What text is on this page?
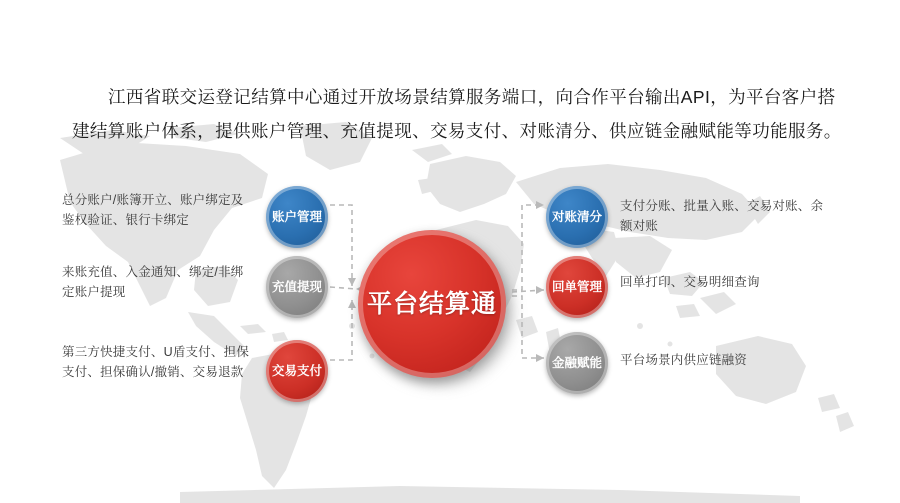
江西省联交运登记结算中心通过开放场景结算服务端口，向合作平台输出API，为平台客户搭建结算账户体系，提供账户管理、充值提现、交易支付、对账清分、供应链金融赋能等功能服务。

平台结算通
账户管理
充值提现
交易支付
对账清分
回单管理
金融赋能
总分账户/账簿开立、账户绑定及鉴权验证、银行卡绑定
来账充值、入金通知、绑定/非绑定账户提现
第三方快捷支付、U盾支付、担保支付、担保确认/撤销、交易退款
支付分账、批量入账、交易对账、余额对账
回单打印、交易明细查询
平台场景内供应链融资
